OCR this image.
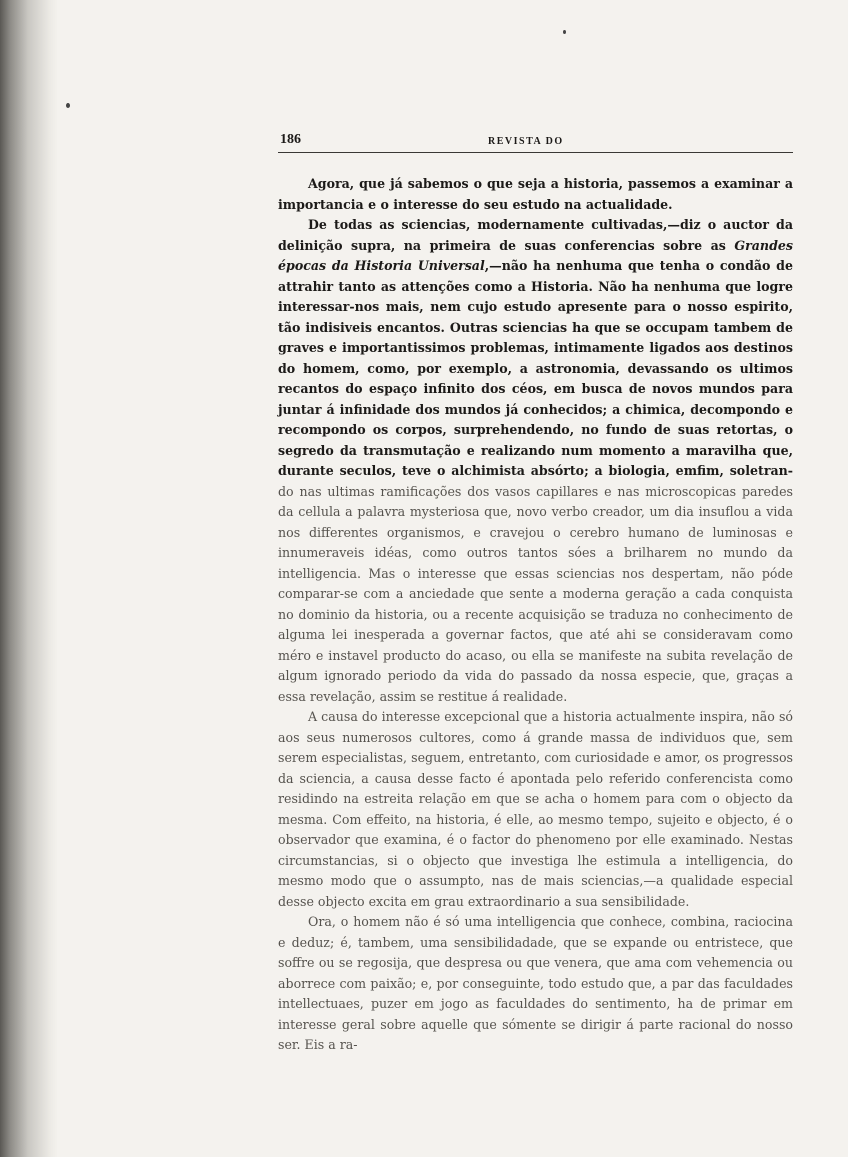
186	REVISTA DO

Agora, que já sabemos o que seja a historia, passemos a examinar a importancia e o interesse do seu estudo na actualidade.

De todas as sciencias, modernamente cultivadas,—diz o auctor da delinição supra, na primeira de suas conferencias sobre as Grandes épocas da Historia Universal,—não ha nenhuma que tenha o condão de attrahir tanto as attenções como a Historia. Não ha nenhuma que logre interessar-nos mais, nem cujo estudo apresente para o nosso espirito, tão indisiveis encantos. Outras sciencias ha que se occupam tambem de graves e importantissimos problemas, intimamente ligados aos destinos do homem, como, por exemplo, a astronomia, devassando os ultimos recantos do espaço infinito dos céos, em busca de novos mundos para juntar á infinidade dos mundos já conhecidos; a chimica, decompondo e recompondo os corpos, surprehendendo, no fundo de suas retortas, o segredo da transmutação e realizando num momento a maravilha que, durante seculos, teve o alchimista absórto; a biologia, emfim, soletran-do nas ultimas ramificações dos vasos capillares e nas microscopicas paredes da cellula a palavra mysteriosa que, novo verbo creador, um dia insuflou a vida nos differentes organismos, e cravejou o cerebro humano de luminosas e innumeraveis idéas, como outros tantos sóes a brilharem no mundo da intelligencia. Mas o interesse que essas sciencias nos despertam, não póde comparar-se com a anciedade que sente a moderna geração a cada conquista no dominio da historia, ou a recente acquisição se traduza no conhecimento de alguma lei inesperada a governar factos, que até ahi se consideravam como méro e instavel producto do acaso, ou ella se manifeste na subita revelação de algum ignorado periodo da vida do passado da nossa especie, que, graças a essa revelação, assim se restitue á realidade.

A causa do interesse excepcional que a historia actualmente inspira, não só aos seus numerosos cultores, como á grande massa de individuos que, sem serem especialistas, seguem, entretanto, com curiosidade e amor, os progressos da sciencia, a causa desse facto é apontada pelo referido conferencista como residindo na estreita relação em que se acha o homem para com o objecto da mesma. Com effeito, na historia, é elle, ao mesmo tempo, sujeito e objecto, é o observador que examina, é o factor do phenomeno por elle examinado. Nestas circumstancias, si o objecto que investiga lhe estimula a intelligencia, do mesmo modo que o assumpto, nas de mais sciencias,—a qualidade especial desse objecto excita em grau extraordinario a sua sensibilidade.

Ora, o homem não é só uma intelligencia que conhece, combina, raciocina e deduz; é, tambem, uma sensibilidadade, que se expande ou entristece, que soffre ou se regosija, que despresa ou que venera, que ama com vehemencia ou aborrece com paixão; e, por conseguinte, todo estudo que, a par das faculdades intellectuaes, puzer em jogo as faculdades do sentimento, ha de primar em interesse geral sobre aquelle que sómente se dirigir á parte racional do nosso ser. Eis a ra-
